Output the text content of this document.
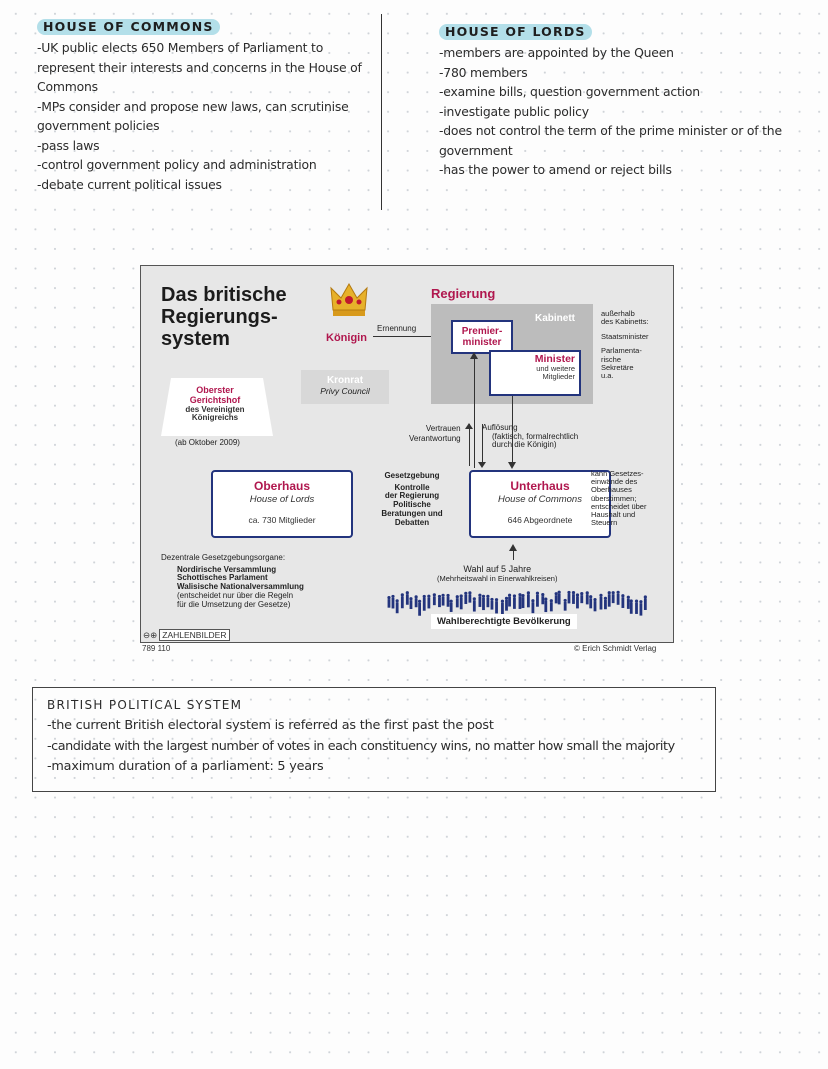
HOUSE OF COMMONS
-UK public elects 650 Members of Parliament to
represent their interests and concerns in the House of
Commons
-MPs consider and propose new laws, can scrutinise
government policies
-pass laws
-control government policy and administration
-debate current political issues
HOUSE OF LORDS
-members are appointed by the Queen
-780 members
-examine bills, question government action
-investigate public policy
-does not control the term of the prime minister or of the
government
-has the power to amend or reject bills
Das britische
Regierungs-
system	Königin
Ernennung
Regierung
Kabinett
Premier-
minister
Minister
und weitere
Mitglieder
außerhalb
des Kabinetts:
Staatsminister
Parlamenta-
rische
Sekretäre
u.a.
Kronrat
Privy Council
Oberster
Gerichtshof
des Vereinigten
Königreichs
(ab Oktober 2009)
Vertrauen
Verantwortung
Auflösung
(faktisch, formalrechtlich
durch die Königin)
Oberhaus
House of Lords
ca. 730 Mitglieder
Unterhaus
House of Commons
646 Abgeordnete
Gesetzgebung
Kontrolle
der Regierung
Politische
Beratungen und
Debatten
kann Gesetzes-
einwände des
Oberhauses
überstimmen;
entscheidet über
Haushalt und
Steuern
Dezentrale Gesetzgebungsorgane:
Nordirische Versammlung
Schottisches Parlament
Walisische Nationalversammlung
(entscheidet nur über die Regeln
für die Umsetzung der Gesetze)
Wahl auf 5 Jahre
(Mehrheitswahl in Einerwahlkreisen)
Wahlberechtigte Bevölkerung
⊖⊕ ZAHLENBILDER
789 110	© Erich Schmidt Verlag
BRITISH POLITICAL SYSTEM
-the current British electoral system is referred as the first past the post
-candidate with the largest number of votes in each constituency wins, no matter how small the majority
-maximum duration of a parliament: 5 years
